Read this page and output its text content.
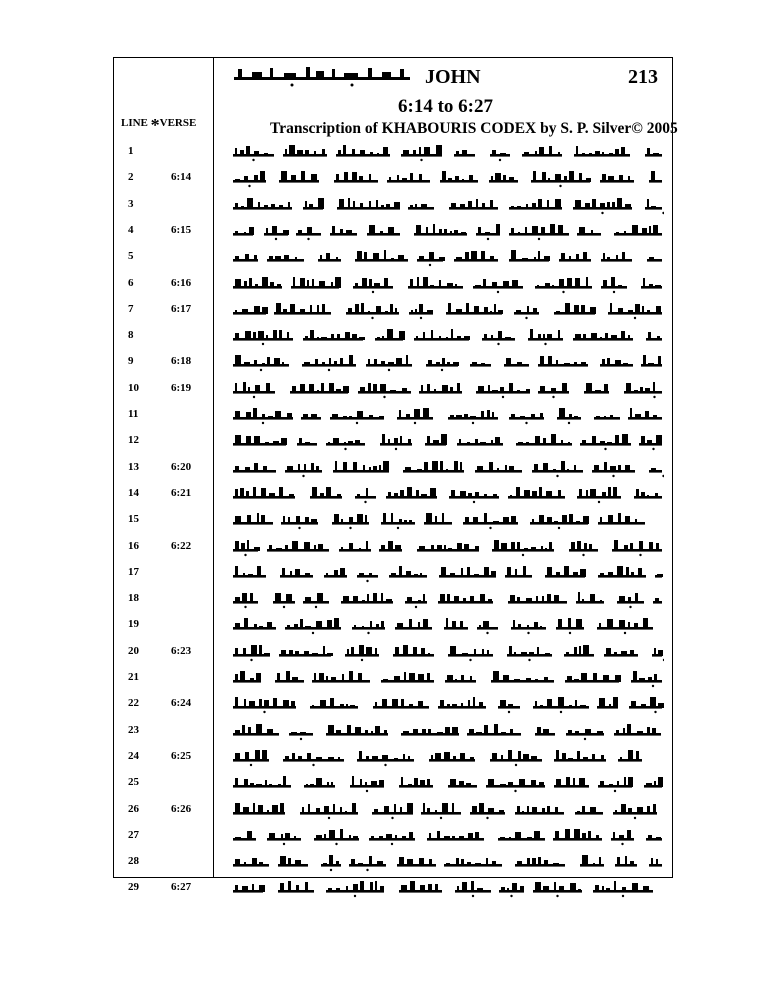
JOHN	213
6:14 to 6:27
Transcription of KHABOURIS CODEX by S. P. Silver© 2005
LINE *VERSE
1
2	6:14
3
4	6:15
5
6	6:16
7	6:17
8
9	6:18
10	6:19
11
12
13	6:20
14	6:21
15
16	6:22
17
18
19
20	6:23
21
22	6:24
23
24	6:25
25
26	6:26
27
28
29	6:27
